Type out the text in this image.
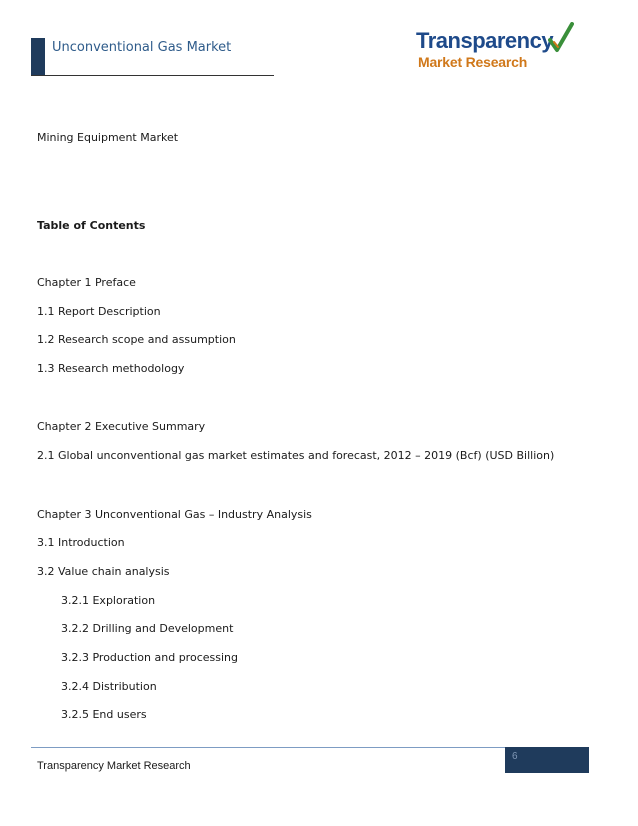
Unconventional Gas Market	Transparency
Market Research
Mining Equipment Market
Table of Contents
Chapter 1 Preface
1.1 Report Description
1.2 Research scope and assumption
1.3 Research methodology
Chapter 2 Executive Summary
2.1 Global unconventional gas market estimates and forecast, 2012 – 2019 (Bcf) (USD Billion)
Chapter 3 Unconventional Gas – Industry Analysis
3.1 Introduction
3.2 Value chain analysis
3.2.1 Exploration
3.2.2 Drilling and Development
3.2.3 Production and processing
3.2.4 Distribution
3.2.5 End users
6
Transparency Market Research
